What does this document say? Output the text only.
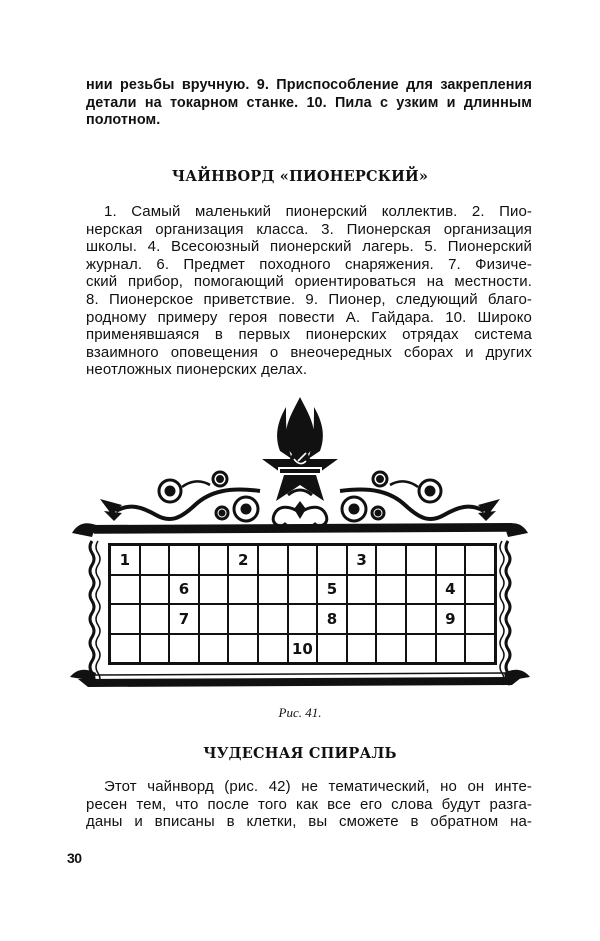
нии резьбы вручную. 9. Приспособление для закрепления
детали на токарном станке. 10. Пила с узким и длинным
полотном.
ЧАЙНВОРД «ПИОНЕРСКИЙ»
1. Самый маленький пионерский коллектив. 2. Пио-
нерская организация класса. 3. Пионерская организация
школы. 4. Всесоюзный пионерский лагерь. 5. Пионерский
журнал. 6. Предмет походного снаряжения. 7. Физиче-
ский прибор, помогающий ориентироваться на местности.
8. Пионерское приветствие. 9. Пионер, следующий благо-
родному примеру героя повести А. Гайдара. 10. Широко
применявшаяся в первых пионерских отрядах система
взаимного оповещения о внеочередных сборах и других
неотложных пионерских делах.
1				2				3				
		6					5				4	
		7					8				9	
						10						
Рис. 41.
ЧУДЕСНАЯ СПИРАЛЬ
Этот чайнворд (рис. 42) не тематический, но он инте-
ресен тем, что после того как все его слова будут разга-
даны и вписаны в клетки, вы сможете в обратном на-
30
